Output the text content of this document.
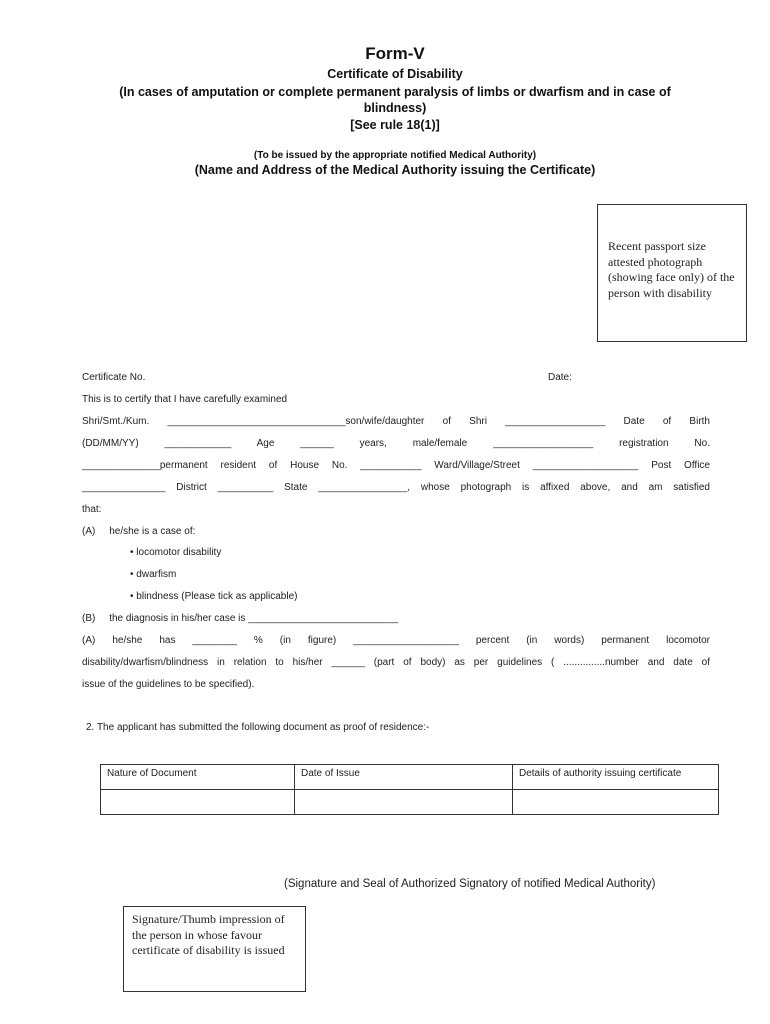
Form-V
Certificate of Disability
(In cases of amputation or complete permanent paralysis of limbs or dwarfism and in case of blindness)
[See rule 18(1)]
(To be issued by the appropriate notified Medical Authority)
(Name and Address of the Medical Authority issuing the Certificate)
Recent passport size attested photograph (showing face only) of the person with disability
Certificate No.	Date:
This is to certify that I have carefully examined
Shri/Smt./Kum. ________________________________son/wife/daughter of Shri __________________ Date of Birth
(DD/MM/YY) ____________ Age ______ years, male/female __________________ registration No.
______________permanent resident of House No. ___________ Ward/Village/Street ___________________ Post Office
_______________ District __________ State ________________, whose photograph is affixed above, and am satisfied
that:
(A)     he/she is a case of:
• locomotor disability
• dwarfism
• blindness (Please tick as applicable)
(B)     the diagnosis in his/her case is ___________________________
(A) he/she has ________ % (in figure) ___________________ percent (in words) permanent locomotor
disability/dwarfism/blindness in relation to his/her ______ (part of body) as per guidelines ( ...............number and date of
issue of the guidelines to be specified).
2. The applicant has submitted the following document as proof of residence:-
Nature of Document	Date of Issue	Details of authority issuing certificate

(Signature and Seal of Authorized Signatory of notified Medical Authority)
Signature/Thumb impression of the person in whose favour certificate of disability is issued
